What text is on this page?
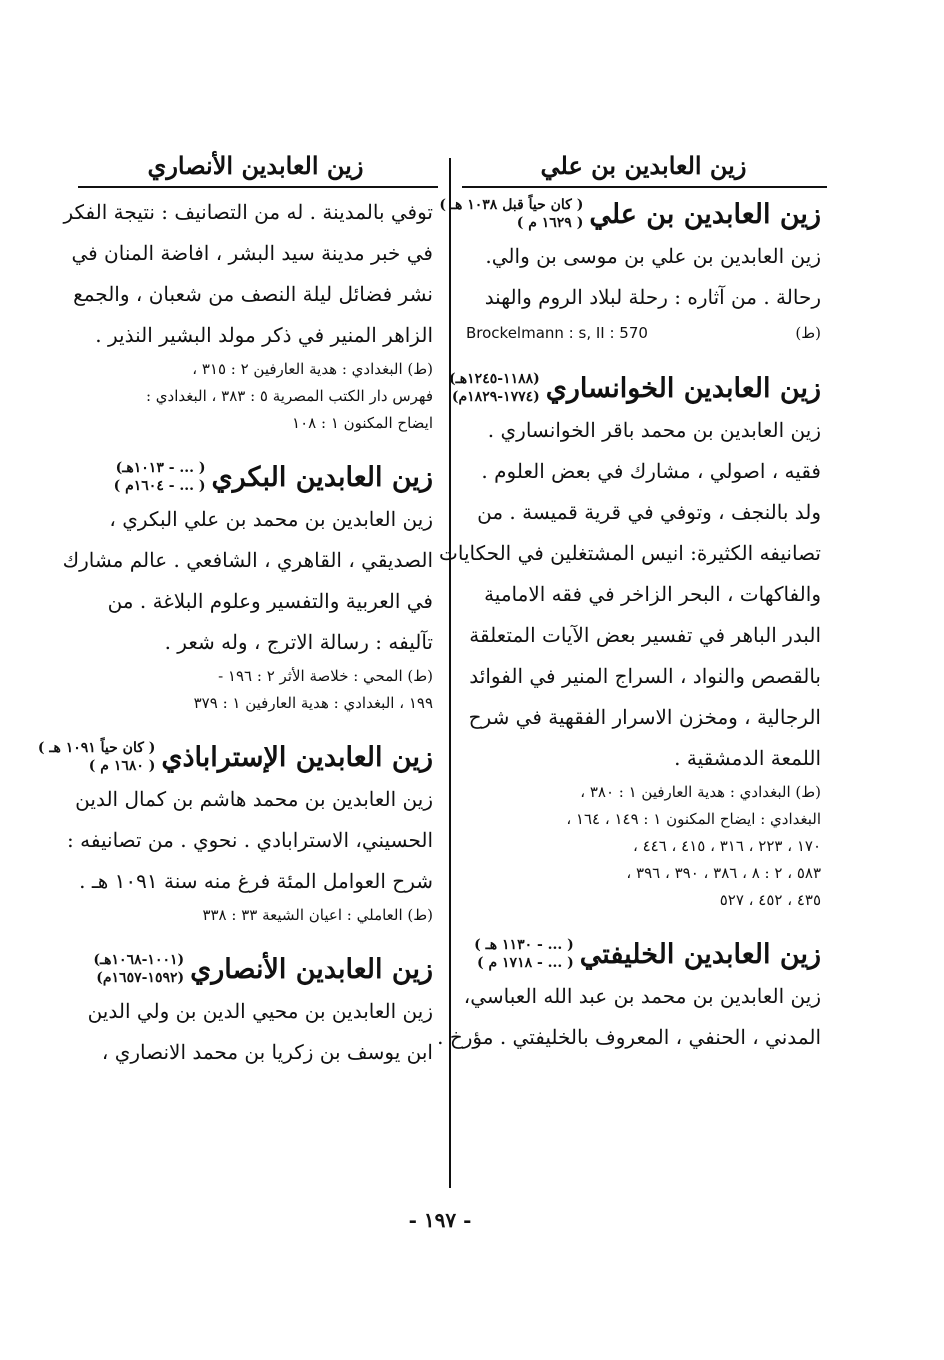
زين العابدين بن علي
زين العابدين بن علي
( كان حياً قبل ١٠٣٨ هـ )
( ١٦٢٩ م )
زين العابدين بن علي بن موسى بن والي.
رحالة . من آثاره : رحلة لبلاد الروم والهند
(ط)
Brockelmann : s, II : 570
زين العابدين الخوانساري
(١١٨٨-١٢٤٥هـ)
(١٧٧٤-١٨٢٩م)
زين العابدين بن محمد باقر الخوانساري .
فقيه ، اصولي ، مشارك في بعض العلوم .
ولد بالنجف ، وتوفي في قرية قميسة . من
تصانيفه الكثيرة: انيس المشتغلين في الحكايات
والفاكهات ، البحر الزاخر في فقه الامامية
البدر الباهر في تفسير بعض الآيات المتعلقة
بالقصص والنواد ، السراج المنير في الفوائد
الرجالية ، ومخزن الاسرار الفقهية في شرح
اللمعة الدمشقية .
(ط) البغدادي : هدية العارفين ١ : ٣٨٠ ،
البغدادي : ايضاح المكنون ١ : ١٤٩ ، ١٦٤ ،
١٧٠ ، ٢٢٣ ، ٣١٦ ، ٤١٥ ، ٤٤٦ ،
٥٨٣ ، ٢ : ٨ ، ٣٨٦ ، ٣٩٠ ، ٣٩٦ ،
٤٣٥ ، ٤٥٢ ، ٥٢٧
زين العابدين الخليفتي
( ... - ١١٣٠ هـ )
( ... - ١٧١٨ م )
زين العابدين بن محمد بن عبد الله العباسي،
المدني ، الحنفي ، المعروف بالخليفتي . مؤرخ .
زين العابدين الأنصاري
توفي بالمدينة . له من التصانيف : نتيجة الفكر
في خبر مدينة سيد البشر ، افاضة المنان في
نشر فضائل ليلة النصف من شعبان ، والجمع
الزاهر المنير في ذكر مولد البشير النذير .
(ط) البغدادي : هدية العارفين ٢ : ٣١٥ ،
فهرس دار الكتب المصرية ٥ : ٣٨٣ ، البغدادي :
ايضاح المكنون ١ : ١٠٨
زين العابدين البكري
( ... - ١٠١٣هـ)
( ... - ١٦٠٤م )
زين العابدين بن محمد بن علي البكري ،
الصديقي ، القاهري ، الشافعي . عالم مشارك
في العربية والتفسير وعلوم البلاغة . من
تآليفه : رسالة الاترج ، وله شعر .
(ط) المحي : خلاصة الأثر ٢ : ١٩٦ -
١٩٩ ، البغدادي : هدية العارفين ١ : ٣٧٩
زين العابدين الإستراباذي
( كان حياً ١٠٩١ هـ )
( ١٦٨٠ م )
زين العابدين بن محمد هاشم بن كمال الدين
الحسيني، الاسترابادي . نحوي . من تصانيفه :
شرح العوامل المئة فرغ منه سنة ١٠٩١ هـ .
(ط) العاملي : اعيان الشيعة ٣٣ : ٣٣٨
زين العابدين الأنصاري
(١٠٠١-١٠٦٨هـ)
(١٥٩٢-١٦٥٧م)
زين العابدين بن محيي الدين بن ولي الدين
ابن يوسف بن زكريا بن محمد الانصاري ،
- ١٩٧ -
